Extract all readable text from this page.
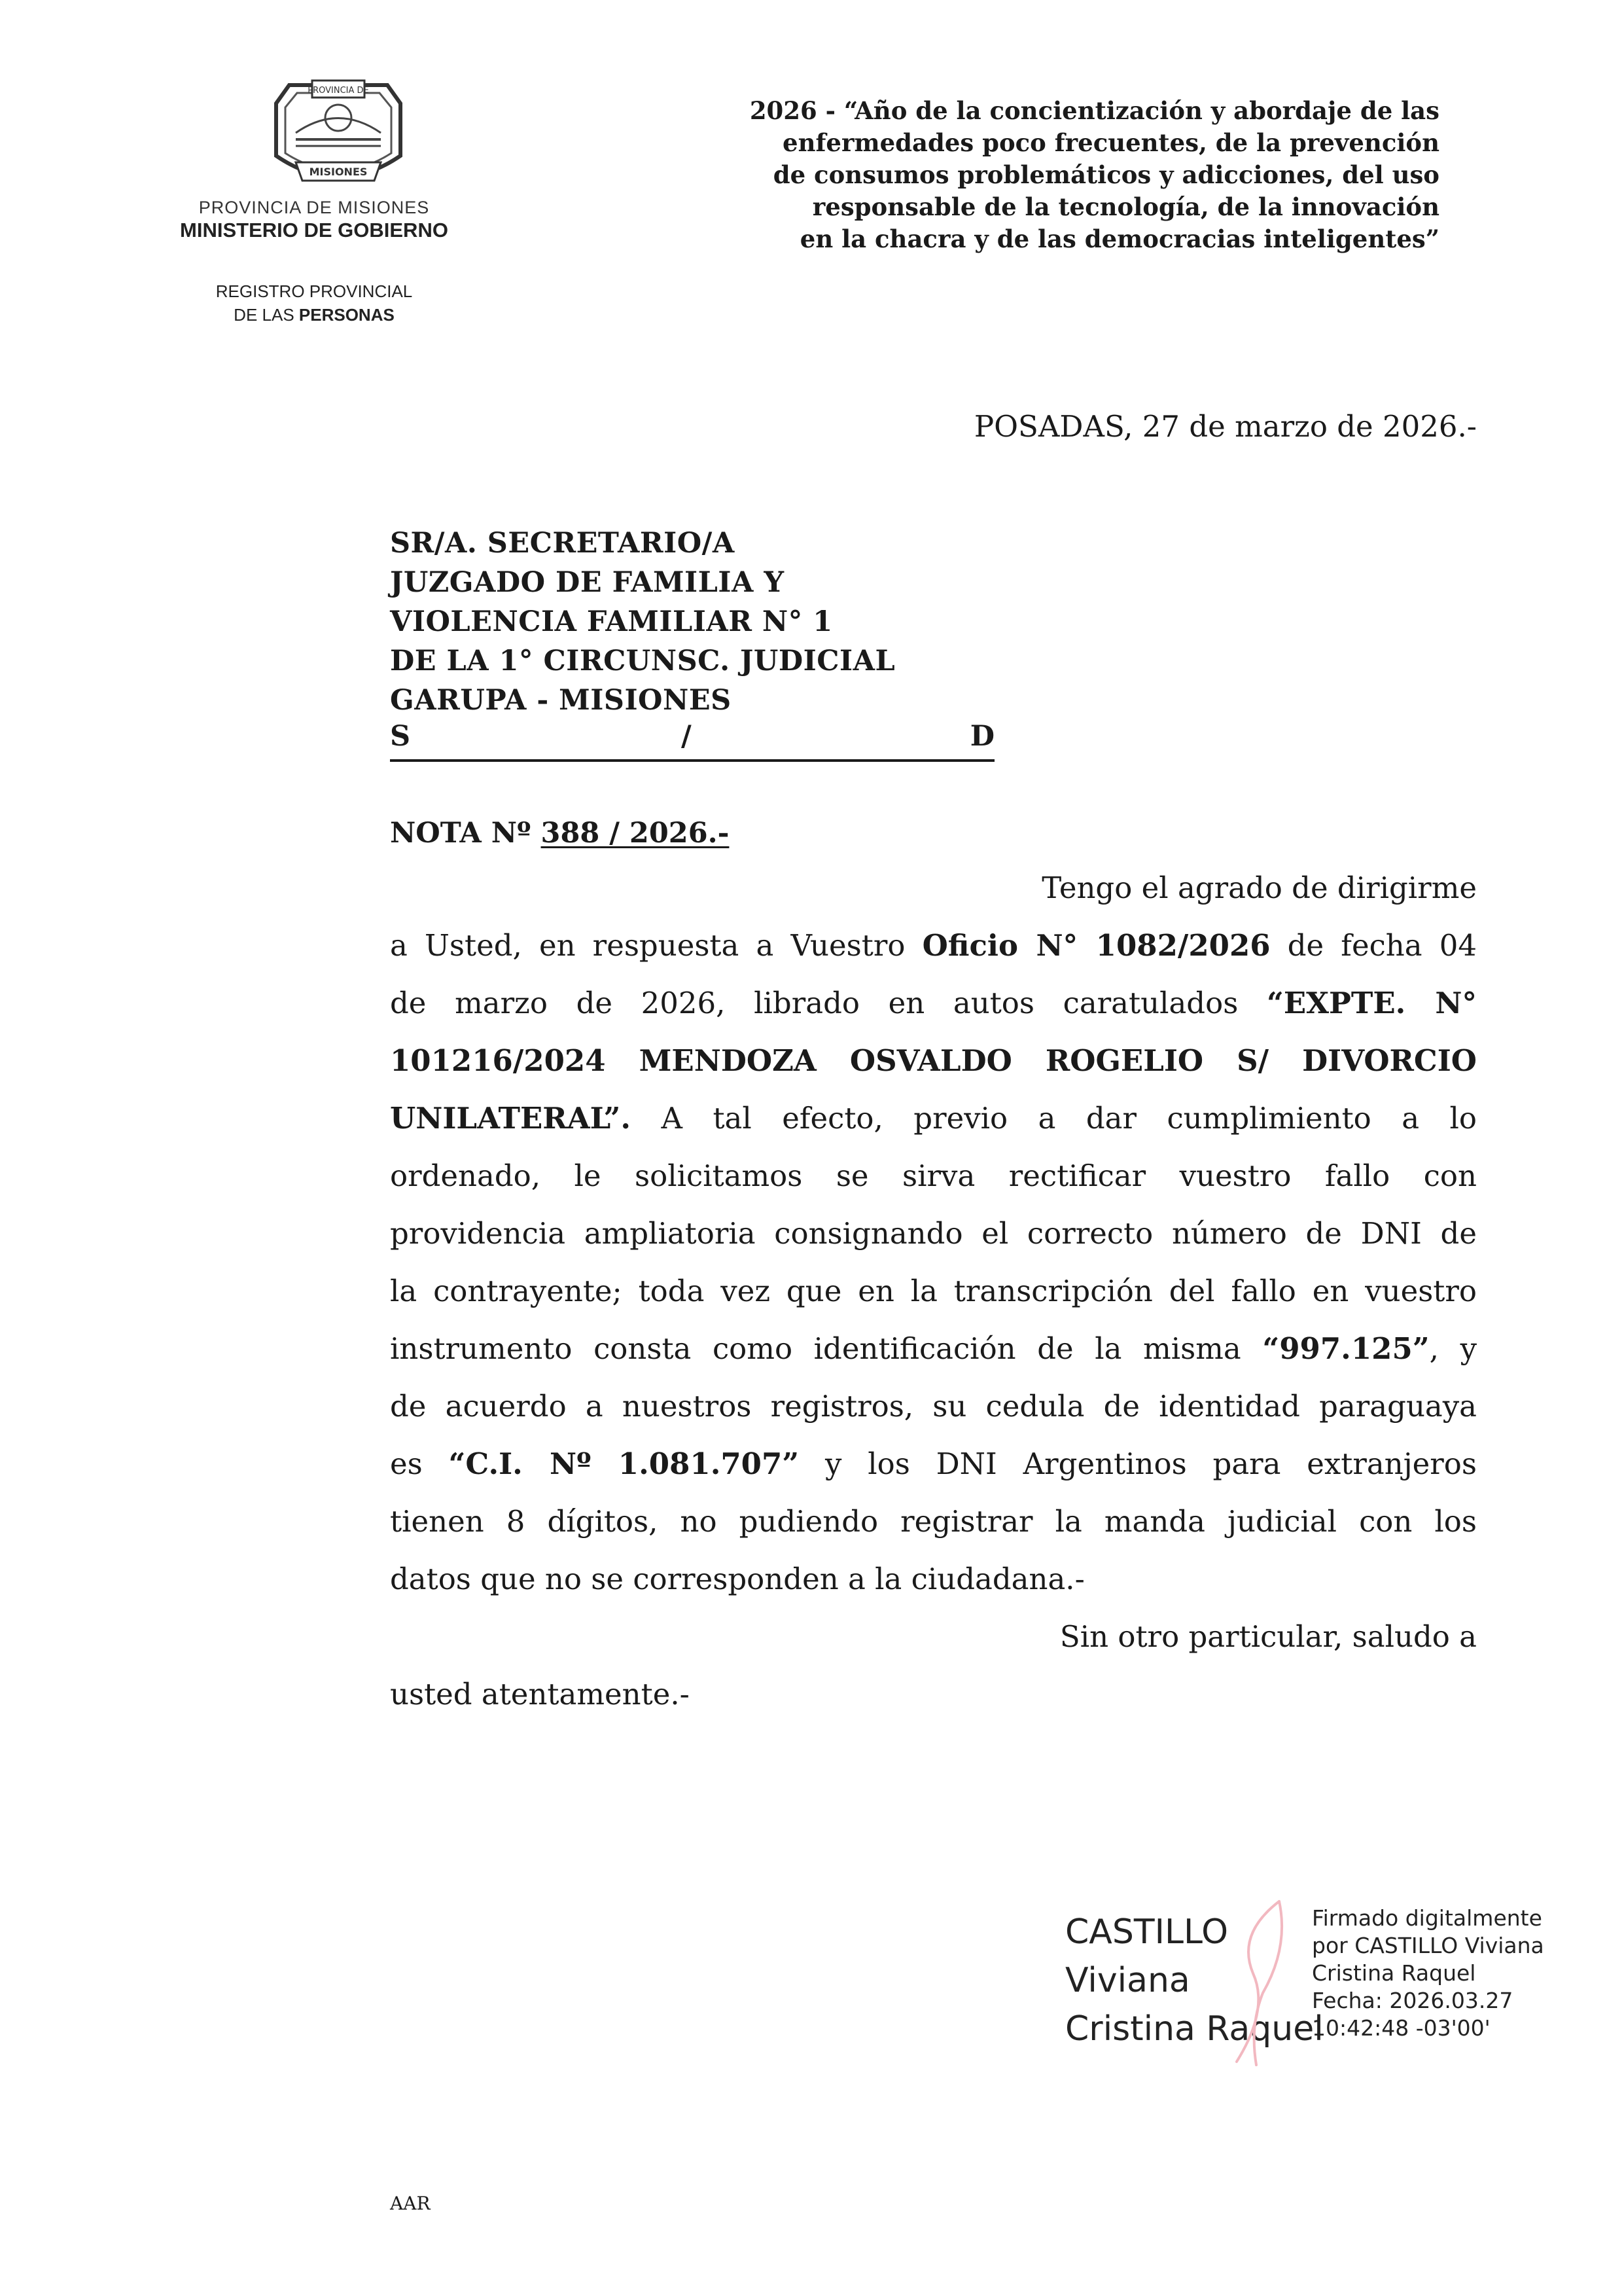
PROVINCIA DE
MISIONES
PROVINCIA DE MISIONES
MINISTERIO DE GOBIERNO
REGISTRO PROVINCIAL
DE LAS PERSONAS
2026 - “Año de la concientización y abordaje de las
enfermedades poco frecuentes, de la prevención
de consumos problemáticos y adicciones, del uso
responsable de la tecnología, de la innovación
en la chacra y de las democracias inteligentes”
POSADAS, 27 de marzo de 2026.-
SR/A. SECRETARIO/A
JUZGADO DE FAMILIA Y
VIOLENCIA FAMILIAR N° 1
DE LA 1° CIRCUNSC. JUDICIAL
GARUPA - MISIONES
S	/	D
NOTA Nº 388 / 2026.-
Tengo el agrado de dirigirme
a Usted, en respuesta a Vuestro Oficio N° 1082/2026 de fecha 04
de marzo de 2026, librado en autos caratulados “EXPTE. N°
101216/2024 MENDOZA OSVALDO ROGELIO S/ DIVORCIO
UNILATERAL”. A tal efecto, previo a dar cumplimiento a lo
ordenado, le solicitamos se sirva rectificar vuestro fallo con
providencia ampliatoria consignando el correcto número de DNI de
la contrayente; toda vez que en la transcripción del fallo en vuestro
instrumento consta como identificación de la misma “997.125”, y
de acuerdo a nuestros registros, su cedula de identidad paraguaya
es “C.I. Nº 1.081.707” y los DNI Argentinos para extranjeros
tienen 8 dígitos, no pudiendo registrar la manda judicial con los
datos que no se corresponden a la ciudadana.-
Sin otro particular, saludo a
usted atentamente.-
CASTILLO
Viviana
Cristina Raquel
Firmado digitalmente
por CASTILLO Viviana
Cristina Raquel
Fecha: 2026.03.27
10:42:48 -03'00'
AAR
